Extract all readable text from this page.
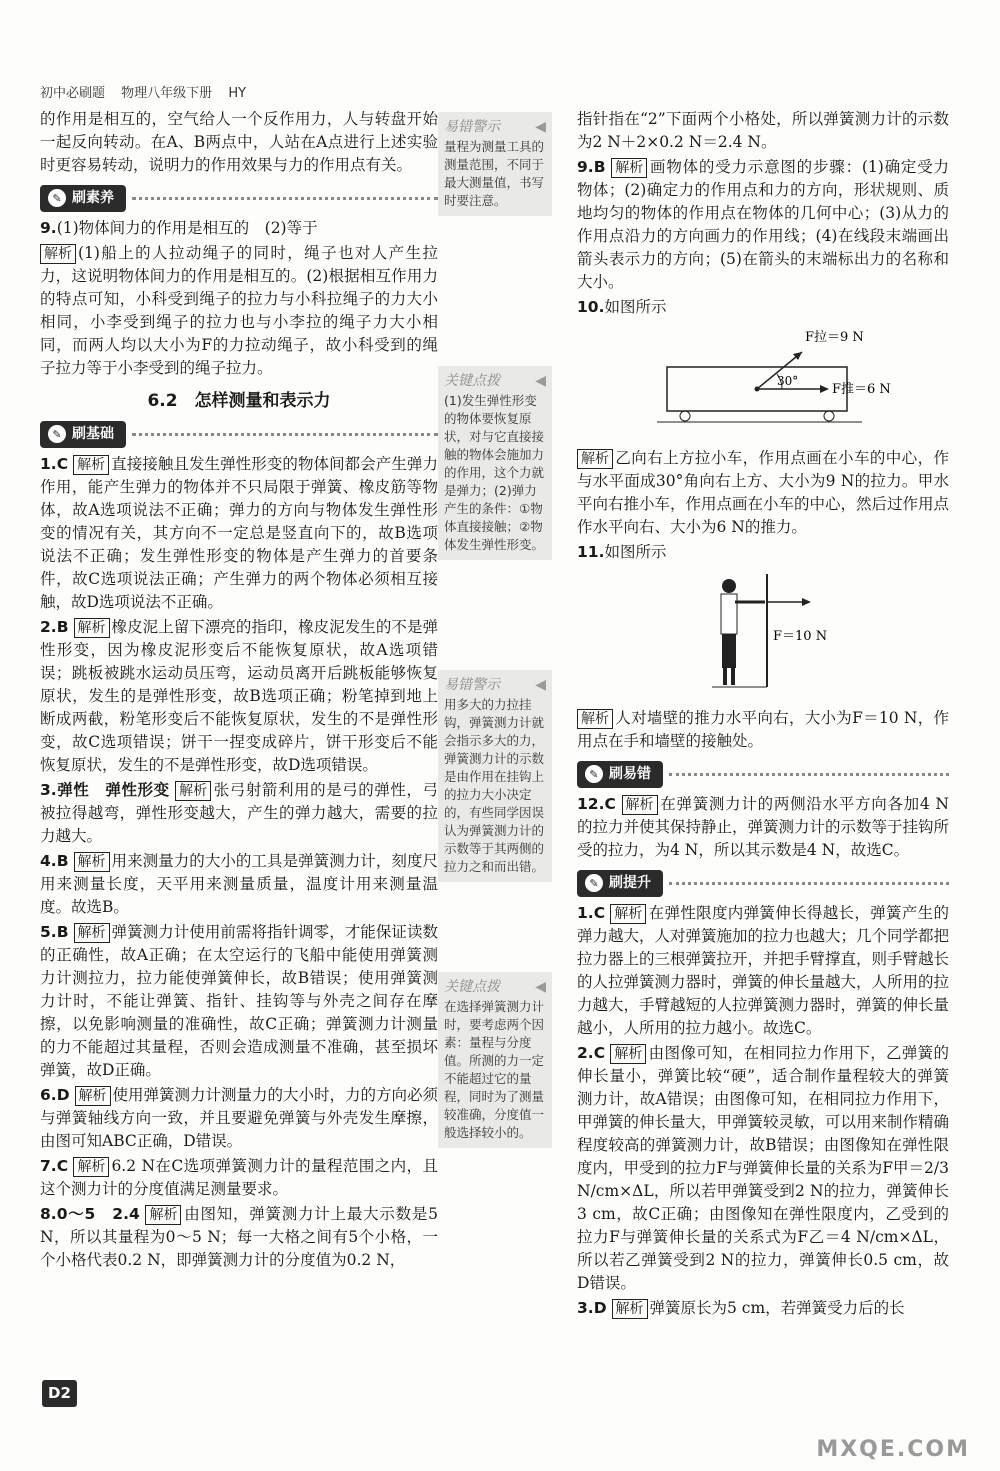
初中必刷题 物理八年级下册 HY

的作用是相互的，空气给人一个反作用力，人与转盘开始一起反向转动。在A、B两点中，人站在A点进行上述实验时更容易转动，说明力的作用效果与力的作用点有关。

✎ 刷素养

9.(1)物体间力的作用是相互的　(2)等于

解析 (1)船上的人拉动绳子的同时，绳子也对人产生拉力，这说明物体间力的作用是相互的。(2)根据相互作用力的特点可知，小科受到绳子的拉力与小科拉绳子的力大小相同，小李受到绳子的拉力也与小李拉的绳子力大小相同，而两人均以大小为F的力拉动绳子，故小科受到的绳子拉力等于小李受到的绳子拉力。

6.2　怎样测量和表示力
✎ 刷基础

1.C 解析 直接接触且发生弹性形变的物体间都会产生弹力作用，能产生弹力的物体并不只局限于弹簧、橡皮筋等物体，故A选项说法不正确；弹力的方向与物体发生弹性形变的情况有关，其方向不一定总是竖直向下的，故B选项说法不正确；发生弹性形变的物体是产生弹力的首要条件，故C选项说法正确；产生弹力的两个物体必须相互接触，故D选项说法不正确。

2.B 解析 橡皮泥上留下漂亮的指印，橡皮泥发生的不是弹性形变，因为橡皮泥形变后不能恢复原状，故A选项错误；跳板被跳水运动员压弯，运动员离开后跳板能够恢复原状，发生的是弹性形变，故B选项正确；粉笔掉到地上断成两截，粉笔形变后不能恢复原状，发生的不是弹性形变，故C选项错误；饼干一捏变成碎片，饼干形变后不能恢复原状，发生的不是弹性形变，故D选项错误。

3.弹性　弹性形变 解析 张弓射箭利用的是弓的弹性，弓被拉得越弯，弹性形变越大，产生的弹力越大，需要的拉力越大。

4.B 解析 用来测量力的大小的工具是弹簧测力计，刻度尺用来测量长度，天平用来测量质量，温度计用来测量温度。故选B。

5.B 解析 弹簧测力计使用前需将指针调零，才能保证读数的正确性，故A正确；在太空运行的飞船中能使用弹簧测力计测拉力，拉力能使弹簧伸长，故B错误；使用弹簧测力计时，不能让弹簧、指针、挂钩等与外壳之间存在摩擦，以免影响测量的准确性，故C正确；弹簧测力计测量的力不能超过其量程，否则会造成测量不准确，甚至损坏弹簧，故D正确。

6.D 解析 使用弹簧测力计测量力的大小时，力的方向必须与弹簧轴线方向一致，并且要避免弹簧与外壳发生摩擦，由图可知ABC正确，D错误。

7.C 解析 6.2 N在C选项弹簧测力计的量程范围之内，且这个测力计的分度值满足测量要求。

8.0～5　2.4 解析 由图知，弹簧测力计上最大示数是5 N，所以其量程为0～5 N；每一大格之间有5个小格，一个小格代表0.2 N，即弹簧测力计的分度值为0.2 N，

易错警示	◀
量程为测量工具的测量范围，不同于最大测量值，书写时要注意。
关键点拨	◀
(1)发生弹性形变的物体要恢复原状，对与它直接接触的物体会施加力的作用，这个力就是弹力；(2)弹力产生的条件：①物体直接接触；②物体发生弹性形变。
易错警示	◀
用多大的力拉挂钩，弹簧测力计就会指示多大的力，弹簧测力计的示数是由作用在挂钩上的拉力大小决定的，有些同学因误认为弹簧测力计的示数等于其两侧的拉力之和而出错。
关键点拨	◀
在选择弹簧测力计时，要考虑两个因素：量程与分度值。所测的力一定不能超过它的量程，同时为了测量较准确，分度值一般选择较小的。

指针指在“2”下面两个小格处，所以弹簧测力计的示数为2 N＋2×0.2 N＝2.4 N。

9.B 解析 画物体的受力示意图的步骤：(1)确定受力物体；(2)确定力的作用点和力的方向，形状规则、质地均匀的物体的作用点在物体的几何中心；(3)从力的作用点沿力的方向画力的作用线；(4)在线段末端画出箭头表示力的方向；(5)在箭头的末端标出力的名称和大小。

10.如图所示

F拉＝9 N
30°
F推＝6 N

解析 乙向右上方拉小车，作用点画在小车的中心，作与水平面成30°角向右上方、大小为9 N的拉力。甲水平向右推小车，作用点画在小车的中心，然后过作用点作水平向右、大小为6 N的推力。

11.如图所示

F＝10 N

解析 人对墙壁的推力水平向右，大小为F＝10 N，作用点在手和墙壁的接触处。

✎ 刷易错

12.C 解析 在弹簧测力计的两侧沿水平方向各加4 N的拉力并使其保持静止，弹簧测力计的示数等于挂钩所受的拉力，为4 N，所以其示数是4 N，故选C。

✎ 刷提升

1.C 解析 在弹性限度内弹簧伸长得越长，弹簧产生的弹力越大，人对弹簧施加的拉力也越大；几个同学都把拉力器上的三根弹簧拉开，并把手臂撑直，则手臂越长的人拉弹簧测力器时，弹簧的伸长量越大，人所用的拉力越大，手臂越短的人拉弹簧测力器时，弹簧的伸长量越小，人所用的拉力越小。故选C。

2.C 解析 由图像可知，在相同拉力作用下，乙弹簧的伸长量小，弹簧比较“硬”，适合制作量程较大的弹簧测力计，故A错误；由图像可知，在相同拉力作用下，甲弹簧的伸长量大，甲弹簧较灵敏，可以用来制作精确程度较高的弹簧测力计，故B错误；由图像知在弹性限度内，甲受到的拉力F与弹簧伸长量的关系为F甲＝2/3 N/cm×ΔL，所以若甲弹簧受到2 N的拉力，弹簧伸长3 cm，故C正确；由图像知在弹性限度内，乙受到的拉力F与弹簧伸长量的关系式为F乙＝4 N/cm×ΔL，所以若乙弹簧受到2 N的拉力，弹簧伸长0.5 cm，故D错误。

3.D 解析 弹簧原长为5 cm，若弹簧受力后的长

D2
MXQE.COM
